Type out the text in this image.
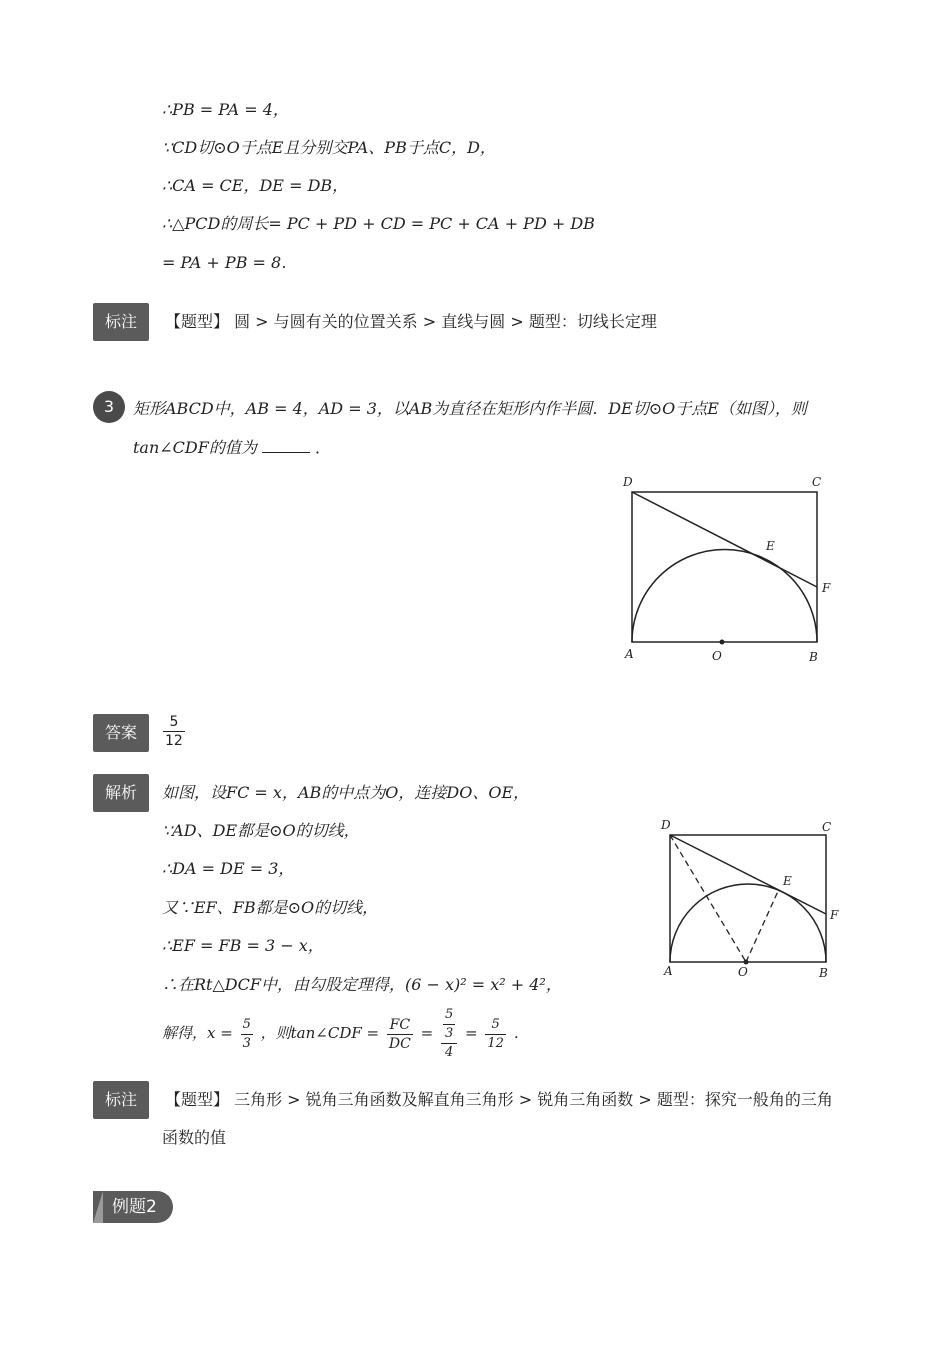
∴PB = PA = 4，
∵CD切⊙O于点E且分别交PA、PB于点C，D，
∴CA = CE，DE = DB，
∴△PCD的周长= PC + PD + CD = PC + CA + PD + DB
= PA + PB = 8．
标注	【题型】 圆 > 与圆有关的位置关系 > 直线与圆 > 题型：切线长定理
3	矩形ABCD中，AB = 4，AD = 3，以AB为直径在矩形内作半圆．DE切⊙O于点E（如图），则
tan∠CDF的值为	．
D	C
E
F
A	O	B
答案	$\frac{5}{12}$
解析	如图，设FC = x，AB的中点为O，连接DO、OE，
∵AD、DE都是⊙O的切线，
∴DA = DE = 3，
又∵EF、FB都是⊙O的切线，
∴EF = FB = 3 − x，
∴在Rt△DCF中，由勾股定理得，(6 − x)² = x² + 4²，
解得，$x = \frac{5}{3}$ ，则tan∠CDF = $\frac{FC}{DC} = \frac{\frac{5}{3}}{4} = \frac{5}{12}$ ．
D	C
E
F
A	O	B
标注	【题型】 三角形 > 锐角三角函数及解直角三角形 > 锐角三角函数 > 题型：探究一般角的三角
函数的值
例题2
